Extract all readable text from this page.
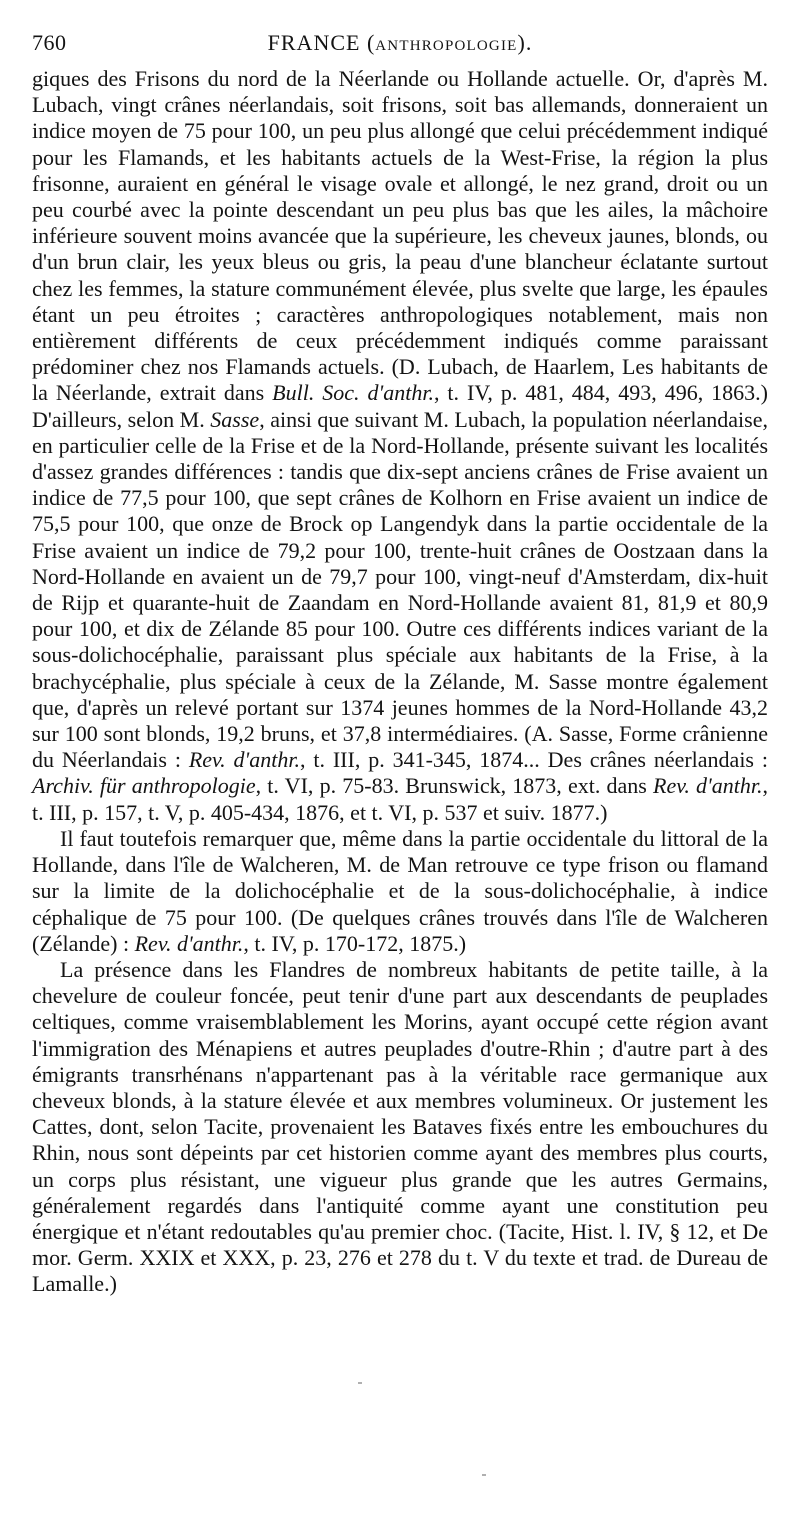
760	FRANCE (ANTHROPOLOGIE).

giques des Frisons du nord de la Néerlande ou Hollande actuelle. Or, d'après M. Lubach, vingt crânes néerlandais, soit frisons, soit bas allemands, donneraient un indice moyen de 75 pour 100, un peu plus allongé que celui précédemment indiqué pour les Flamands, et les habitants actuels de la West-Frise, la région la plus frisonne, auraient en général le visage ovale et allongé, le nez grand, droit ou un peu courbé avec la pointe descendant un peu plus bas que les ailes, la mâchoire inférieure souvent moins avancée que la supérieure, les cheveux jaunes, blonds, ou d'un brun clair, les yeux bleus ou gris, la peau d'une blancheur éclatante surtout chez les femmes, la stature communément élevée, plus svelte que large, les épaules étant un peu étroites ; caractères anthropologiques notablement, mais non entièrement différents de ceux précédemment indiqués comme paraissant prédominer chez nos Flamands actuels. (D. Lubach, de Haarlem, Les habitants de la Néerlande, extrait dans Bull. Soc. d'anthr., t. IV, p. 481, 484, 493, 496, 1863.) D'ailleurs, selon M. Sasse, ainsi que suivant M. Lubach, la population néerlandaise, en particulier celle de la Frise et de la Nord-Hollande, présente suivant les localités d'assez grandes différences : tandis que dix-sept anciens crânes de Frise avaient un indice de 77,5 pour 100, que sept crânes de Kolhorn en Frise avaient un indice de 75,5 pour 100, que onze de Brock op Langendyk dans la partie occidentale de la Frise avaient un indice de 79,2 pour 100, trente-huit crânes de Oostzaan dans la Nord-Hollande en avaient un de 79,7 pour 100, vingt-neuf d'Amsterdam, dix-huit de Rijp et quarante-huit de Zaandam en Nord-Hollande avaient 81, 81,9 et 80,9 pour 100, et dix de Zélande 85 pour 100. Outre ces différents indices variant de la sous-dolichocéphalie, paraissant plus spéciale aux habitants de la Frise, à la brachycéphalie, plus spéciale à ceux de la Zélande, M. Sasse montre également que, d'après un relevé portant sur 1374 jeunes hommes de la Nord-Hollande 43,2 sur 100 sont blonds, 19,2 bruns, et 37,8 intermédiaires. (A. Sasse, Forme crânienne du Néerlandais : Rev. d'anthr., t. III, p. 341-345, 1874... Des crânes néerlandais : Archiv. für anthropologie, t. VI, p. 75-83. Brunswick, 1873, ext. dans Rev. d'anthr., t. III, p. 157, t. V, p. 405-434, 1876, et t. VI, p. 537 et suiv. 1877.)

Il faut toutefois remarquer que, même dans la partie occidentale du littoral de la Hollande, dans l'île de Walcheren, M. de Man retrouve ce type frison ou flamand sur la limite de la dolichocéphalie et de la sous-dolichocéphalie, à indice céphalique de 75 pour 100. (De quelques crânes trouvés dans l'île de Walcheren (Zélande) : Rev. d'anthr., t. IV, p. 170-172, 1875.)

La présence dans les Flandres de nombreux habitants de petite taille, à la chevelure de couleur foncée, peut tenir d'une part aux descendants de peuplades celtiques, comme vraisemblablement les Morins, ayant occupé cette région avant l'immigration des Ménapiens et autres peuplades d'outre-Rhin ; d'autre part à des émigrants transrhénans n'appartenant pas à la véritable race germanique aux cheveux blonds, à la stature élevée et aux membres volumineux. Or justement les Cattes, dont, selon Tacite, provenaient les Bataves fixés entre les embouchures du Rhin, nous sont dépeints par cet historien comme ayant des membres plus courts, un corps plus résistant, une vigueur plus grande que les autres Germains, généralement regardés dans l'antiquité comme ayant une constitution peu énergique et n'étant redoutables qu'au premier choc. (Tacite, Hist. l. IV, § 12, et De mor. Germ. XXIX et XXX, p. 23, 276 et 278 du t. V du texte et trad. de Dureau de Lamalle.)
